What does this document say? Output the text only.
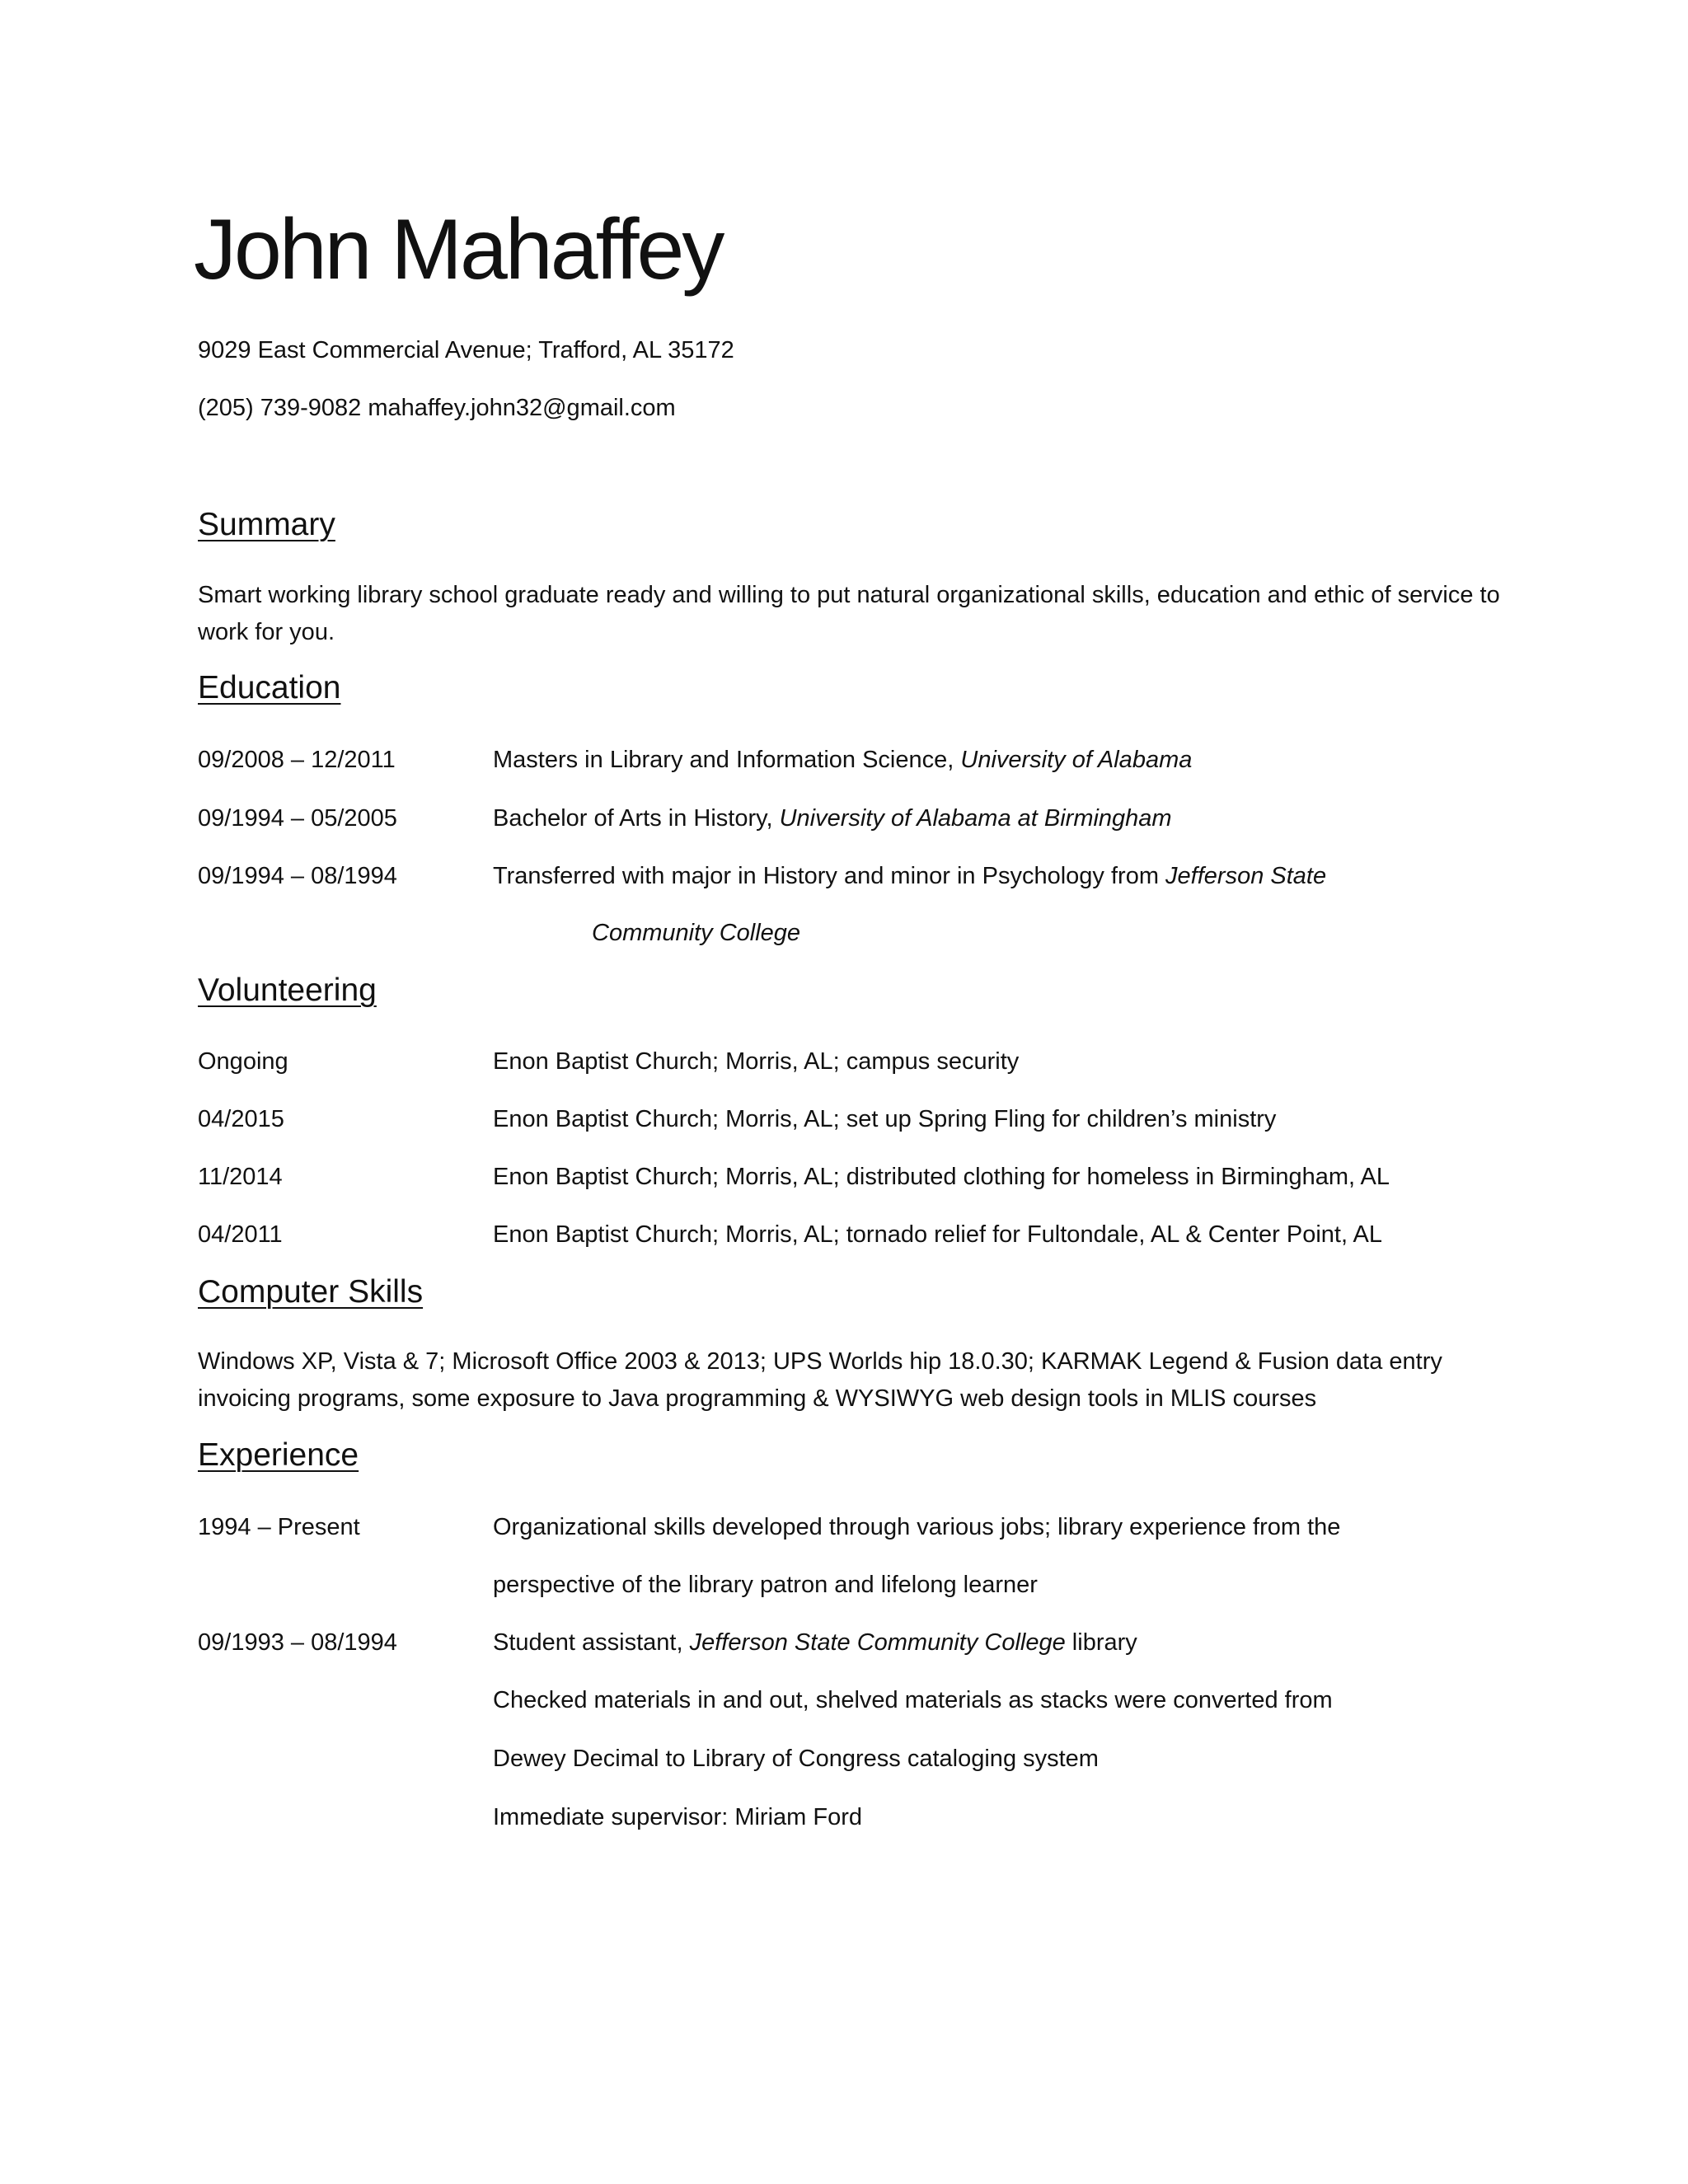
John Mahaffey
9029 East Commercial Avenue; Trafford, AL 35172
(205) 739-9082 mahaffey.john32@gmail.com
Summary
Smart working library school graduate ready and willing to put natural organizational skills, education and ethic of service to work for you.
Education
09/2008 – 12/2011	Masters in Library and Information Science, University of Alabama
09/1994 – 05/2005	Bachelor of Arts in History, University of Alabama at Birmingham
09/1994 – 08/1994	Transferred with major in History and minor in Psychology from Jefferson State
Community College
Volunteering
Ongoing	Enon Baptist Church; Morris, AL; campus security
04/2015	Enon Baptist Church; Morris, AL; set up Spring Fling for children’s ministry
11/2014	Enon Baptist Church; Morris, AL; distributed clothing for homeless in Birmingham, AL
04/2011	Enon Baptist Church; Morris, AL; tornado relief for Fultondale, AL & Center Point, AL
Computer Skills
Windows XP, Vista & 7; Microsoft Office 2003 & 2013; UPS Worlds hip 18.0.30; KARMAK Legend & Fusion data entry invoicing programs, some exposure to Java programming & WYSIWYG web design tools in MLIS courses
Experience
1994 – Present	Organizational skills developed through various jobs; library experience from the
perspective of the library patron and lifelong learner
09/1993 – 08/1994	Student assistant, Jefferson State Community College library
Checked materials in and out, shelved materials as stacks were converted from
Dewey Decimal to Library of Congress cataloging system
Immediate supervisor: Miriam Ford
